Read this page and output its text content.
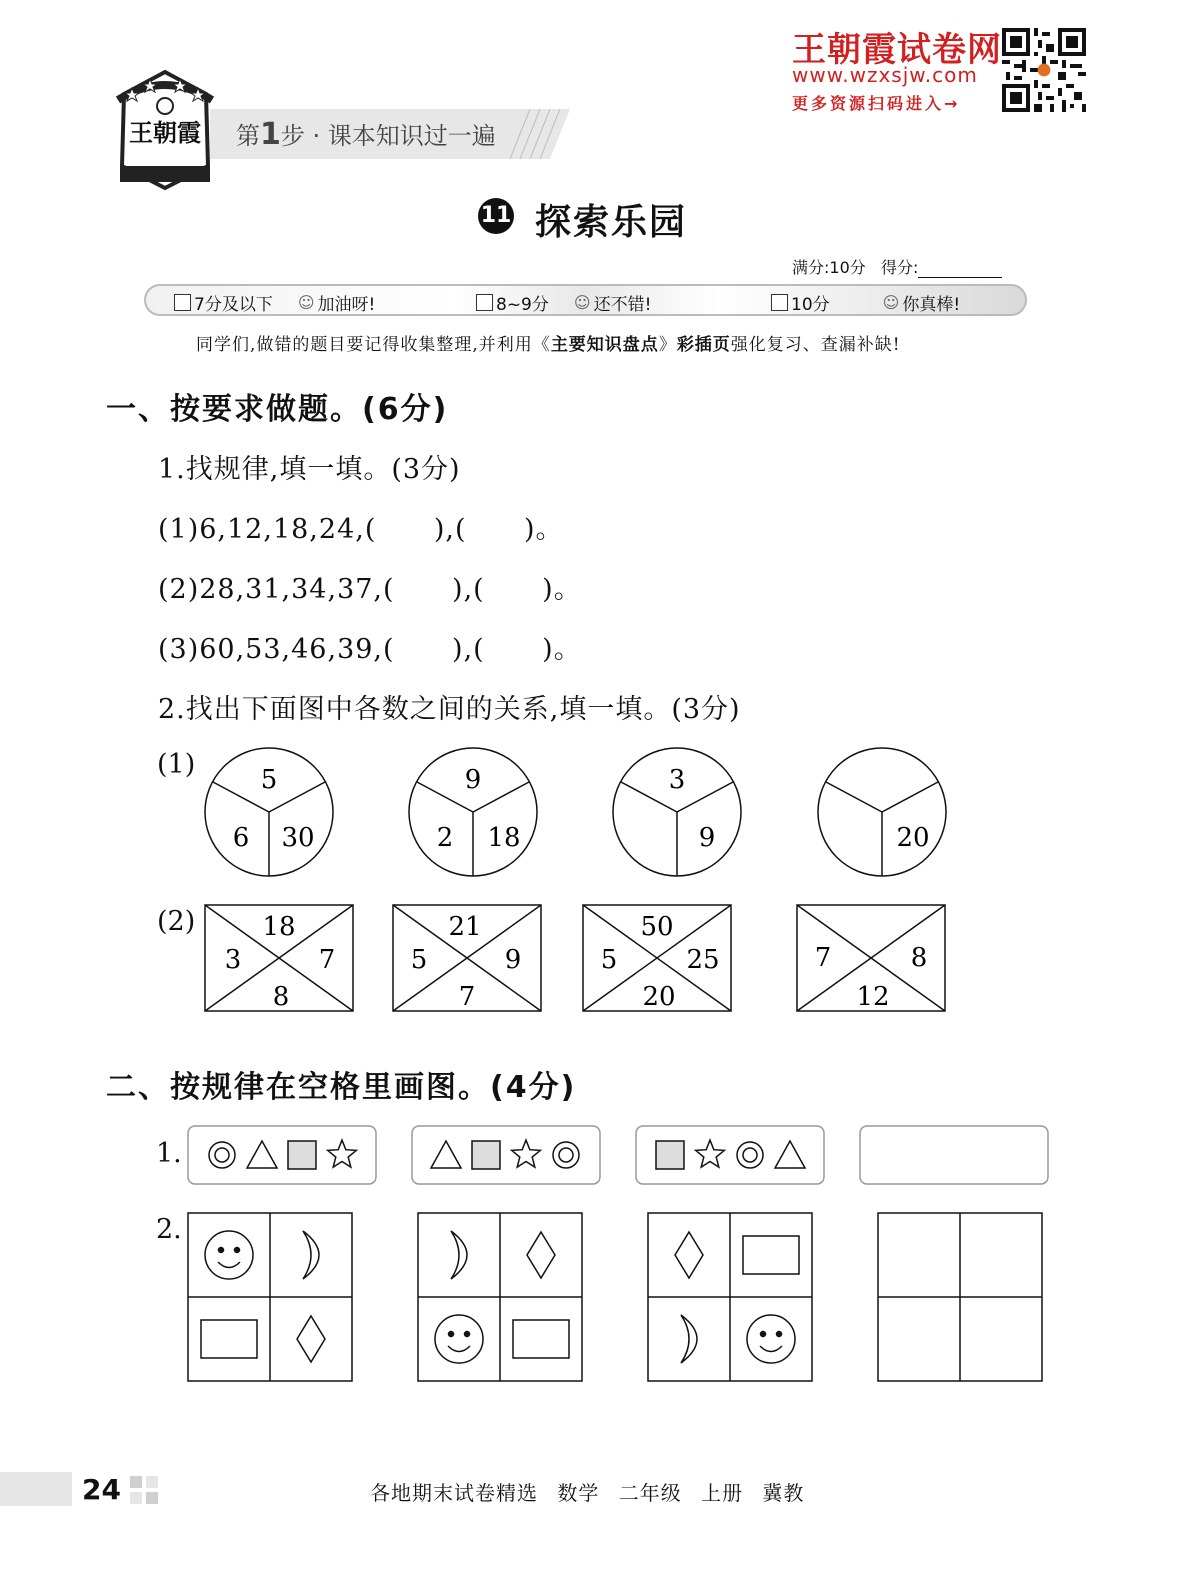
王朝霞试卷网
www.wzxsjw.com
更多资源扫码进入→
王朝霞 第1步 · 课本知识过一遍
11 探索乐园
满分:10分 得分:
7分及以下 ☺ 加油呀!	8~9分 ☺ 还不错!	10分	☺ 你真棒!
同学们,做错的题目要记得收集整理,并利用《主要知识盘点》彩插页强化复习、查漏补缺!
一、按要求做题。(6分)
1.找规律,填一填。(3分)
(1)6,12,18,24,(      ),(      )。
(2)28,31,34,37,(      ),(      )。
(3)60,53,46,39,(      ),(      )。
2.找出下面图中各数之间的关系,填一填。(3分)
(1)
(2)
5
6 30
9
2 18
3
9	20
18
3	7
8
21
5	9
7
50
5	25
20
7	8
12
二、按规律在空格里画图。(4分)
1.
2.
24	各地期末试卷精选 数学 二年级 上册 冀教
